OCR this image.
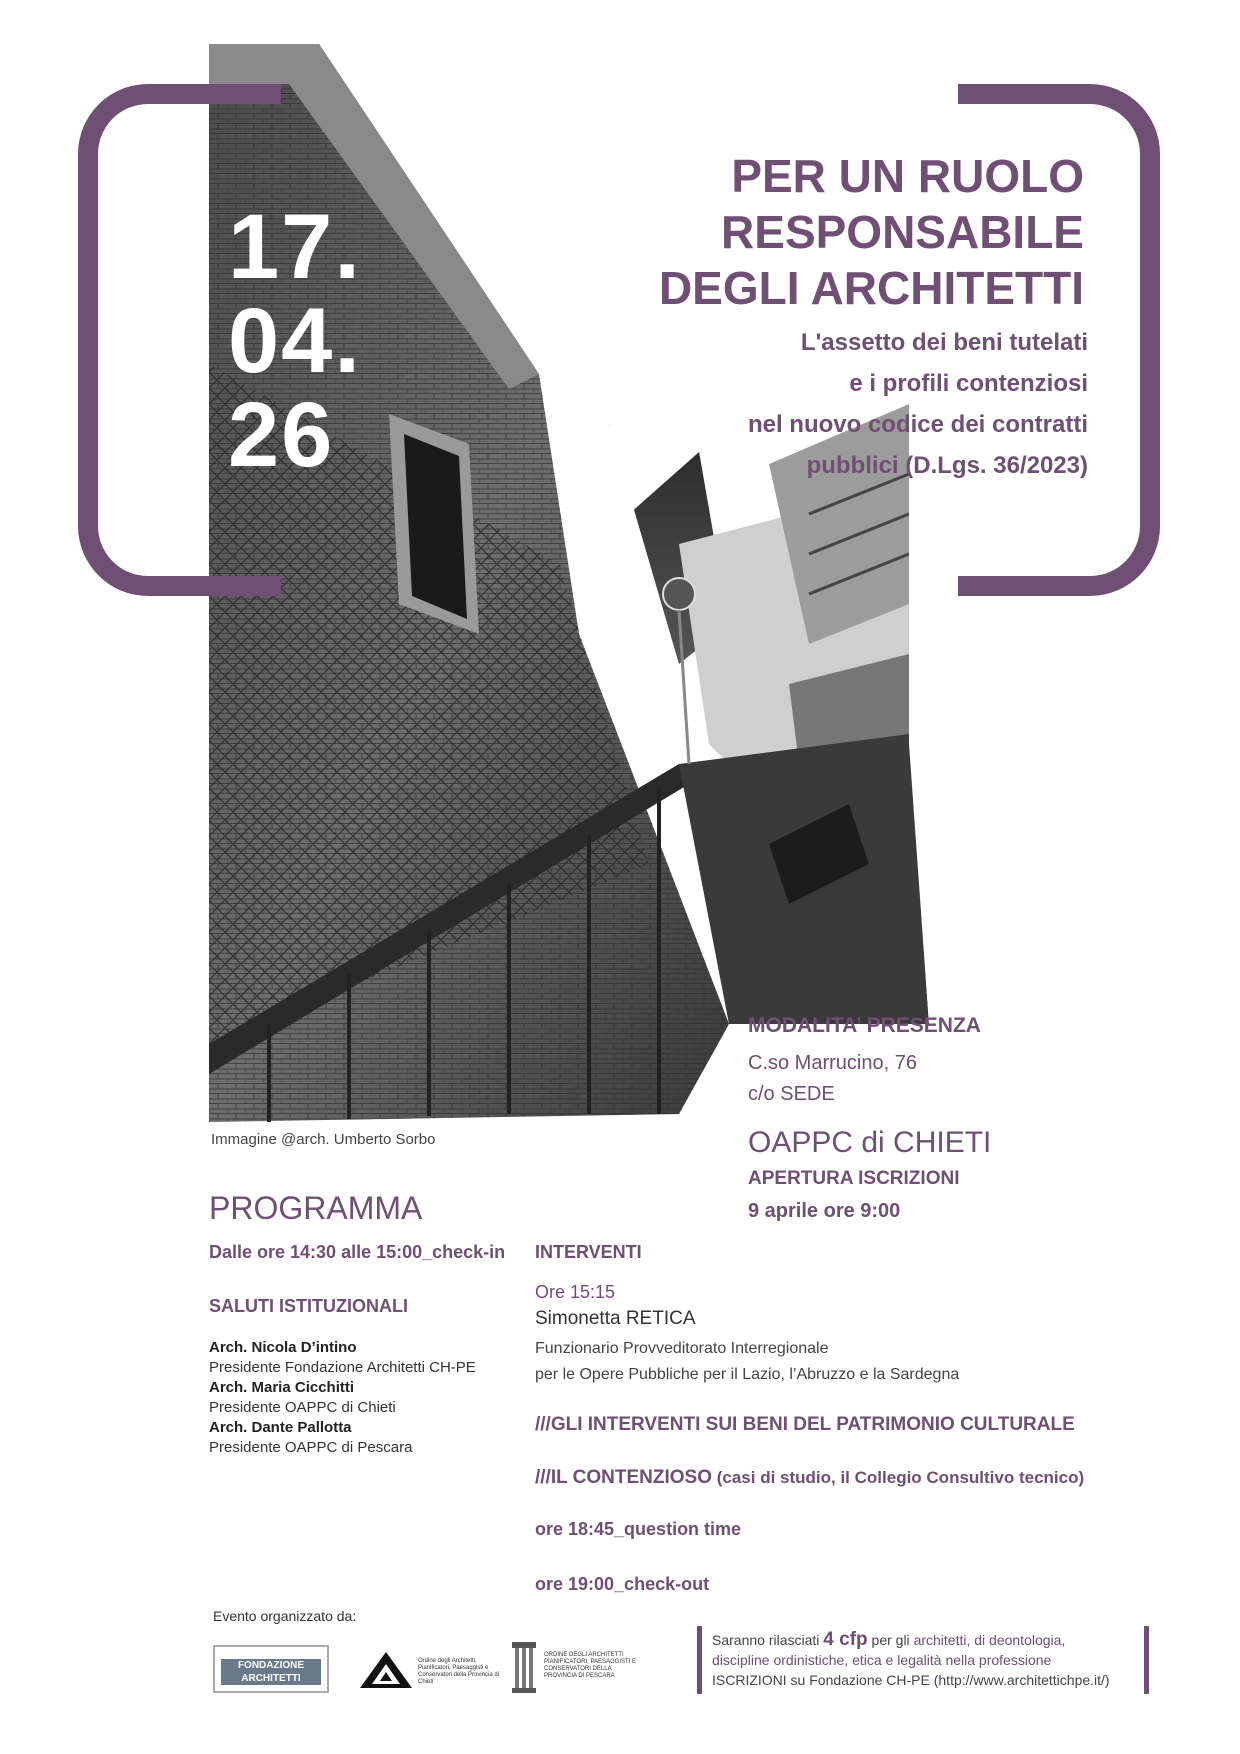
17.
04.
26
PER UN RUOLO
RESPONSABILE
DEGLI ARCHITETTI
L'assetto dei beni tutelati
e i profili contenziosi
nel nuovo codice dei contratti
pubblici (D.Lgs. 36/2023)
Immagine @arch. Umberto Sorbo
MODALITA’ PRESENZA
C.so Marrucino, 76
c/o SEDE
OAPPC di CHIETI
APERTURA ISCRIZIONI
9 aprile ore 9:00
PROGRAMMA
Dalle ore 14:30 alle 15:00_check-in
SALUTI ISTITUZIONALI
Arch. Nicola D’intino
Presidente Fondazione Architetti CH-PE
Arch. Maria Cicchitti
Presidente OAPPC di Chieti
Arch. Dante Pallotta
Presidente OAPPC di Pescara
INTERVENTI
Ore 15:15
Simonetta RETICA
Funzionario Provveditorato Interregionale
per le Opere Pubbliche per il Lazio, l’Abruzzo e la Sardegna
///GLI INTERVENTI SUI BENI DEL PATRIMONIO CULTURALE
///IL CONTENZIOSO (casi di studio, il Collegio Consultivo tecnico)
ore 18:45_question time
ore 19:00_check-out
Evento organizzato da:
FONDAZIONE
ARCHITETTI
Ordine degli Architetti, Pianificatori, Paesaggisti e Conservatori della Provincia di Chieti
ORDINE DEGLI ARCHITETTI PIANIFICATORI, PAESAGGISTI E CONSERVATORI DELLA PROVINCIA DI PESCARA
Saranno rilasciati 4 cfp per gli architetti, di deontologia,
discipline ordinistiche, etica e legalità nella professione
ISCRIZIONI su Fondazione CH-PE (http://www.architettichpe.it/)
